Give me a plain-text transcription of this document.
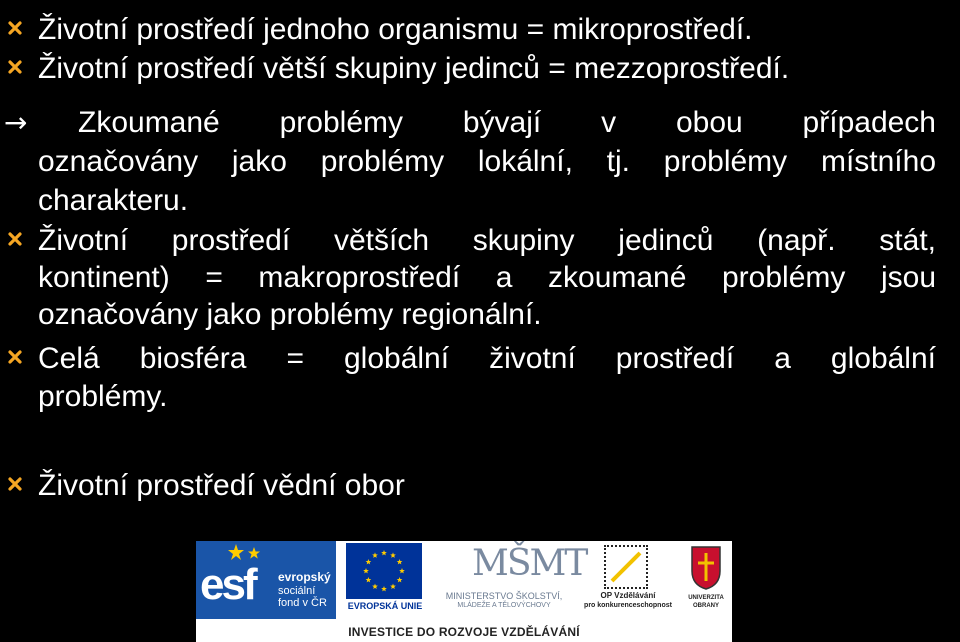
Životní prostředí jednoho organismu = mikroprostředí.
Životní prostředí větší skupiny jedinců = mezzoprostředí.
→ Zkoumané problémy bývají v obou případech
označovány jako problémy lokální, tj. problémy místního
charakteru.
Životní prostředí větších skupiny jedinců (např. stát,
kontinent) = makroprostředí a zkoumané problémy jsou
označovány jako problémy regionální.
Celá biosféra = globální životní prostředí a globální
problémy.
Životní prostředí vědní obor
esf evropský
sociální
fond v ČR	EVROPSKÁ UNIE
MŠMT
MINISTERSTVO ŠKOLSTVÍ,
MLÁDEŽE A TĚLOVÝCHOVY
OP Vzdělávání
pro konkurenceschopnost
UNIVERZITA
OBRANY
INVESTICE DO ROZVOJE VZDĚLÁVÁNÍ
